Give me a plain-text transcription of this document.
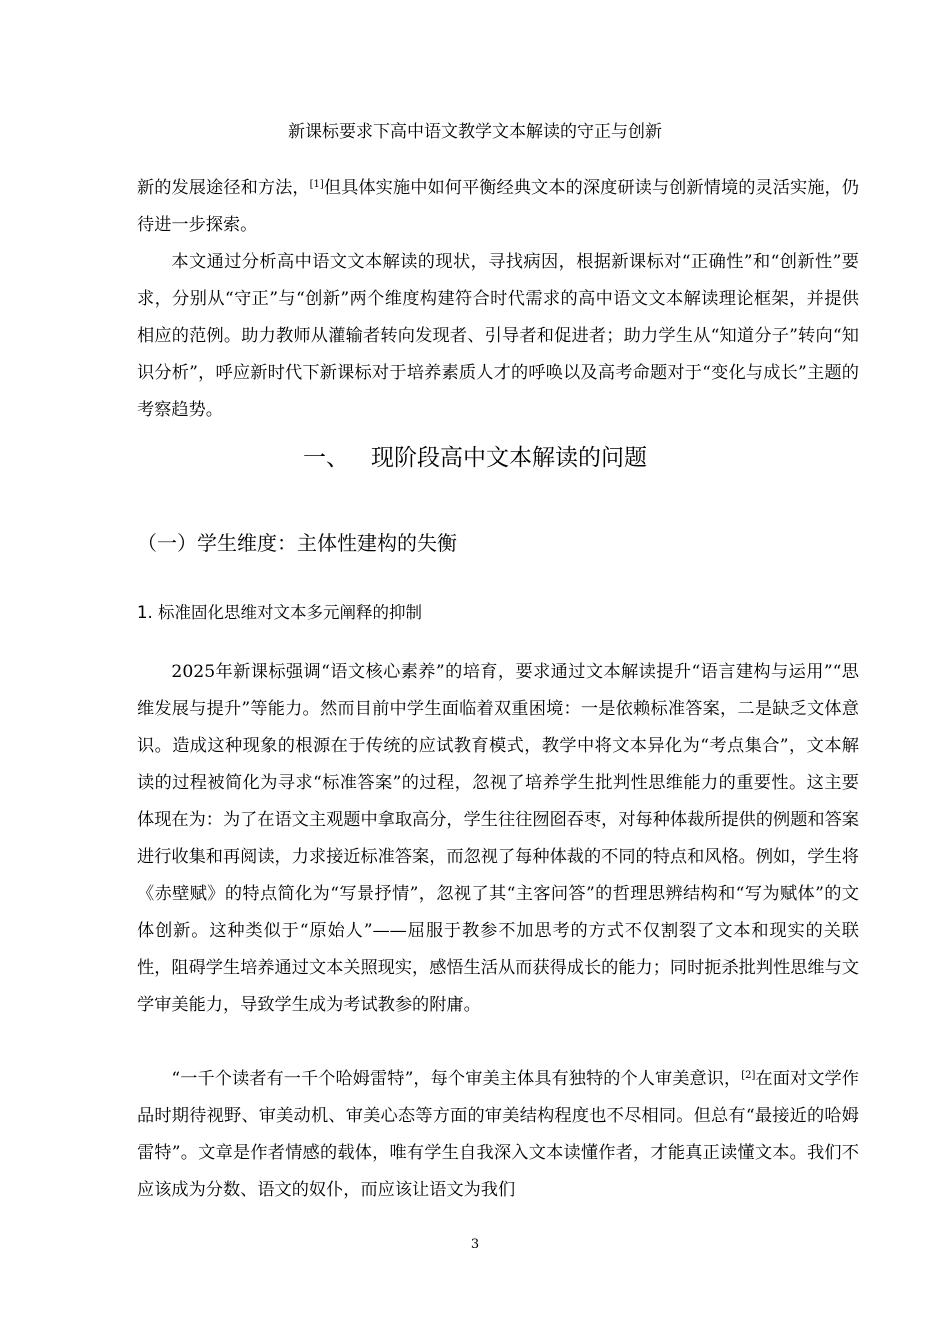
新课标要求下高中语文教学文本解读的守正与创新

新的发展途径和方法，[1]但具体实施中如何平衡经典文本的深度研读与创新情境的灵活实施，仍待进一步探索。

本文通过分析高中语文文本解读的现状，寻找病因，根据新课标对“正确性”和“创新性”要求，分别从“守正”与“创新”两个维度构建符合时代需求的高中语文文本解读理论框架，并提供相应的范例。助力教师从灌输者转向发现者、引导者和促进者；助力学生从“知道分子”转向“知识分析”，呼应新时代下新课标对于培养素质人才的呼唤以及高考命题对于“变化与成长”主题的考察趋势。

一、 现阶段高中文本解读的问题
（一）学生维度：主体性建构的失衡
1. 标准固化思维对文本多元阐释的抑制

2025年新课标强调“语文核心素养”的培育，要求通过文本解读提升“语言建构与运用”“思维发展与提升”等能力。然而目前中学生面临着双重困境：一是依赖标准答案，二是缺乏文体意识。造成这种现象的根源在于传统的应试教育模式，教学中将文本异化为“考点集合”，文本解读的过程被简化为寻求“标准答案”的过程，忽视了培养学生批判性思维能力的重要性。这主要体现在为：为了在语文主观题中拿取高分，学生往往囫囵吞枣，对每种体裁所提供的例题和答案进行收集和再阅读，力求接近标准答案，而忽视了每种体裁的不同的特点和风格。例如，学生将《赤壁赋》的特点简化为“写景抒情”，忽视了其“主客问答”的哲理思辨结构和“写为赋体”的文体创新。这种类似于“原始人”——屈服于教参不加思考的方式不仅割裂了文本和现实的关联性，阻碍学生培养通过文本关照现实，感悟生活从而获得成长的能力；同时扼杀批判性思维与文学审美能力，导致学生成为考试教参的附庸。

“一千个读者有一千个哈姆雷特”，每个审美主体具有独特的个人审美意识，[2]在面对文学作品时期待视野、审美动机、审美心态等方面的审美结构程度也不尽相同。但总有“最接近的哈姆雷特”。文章是作者情感的载体，唯有学生自我深入文本读懂作者，才能真正读懂文本。我们不应该成为分数、语文的奴仆，而应该让语文为我们

3
